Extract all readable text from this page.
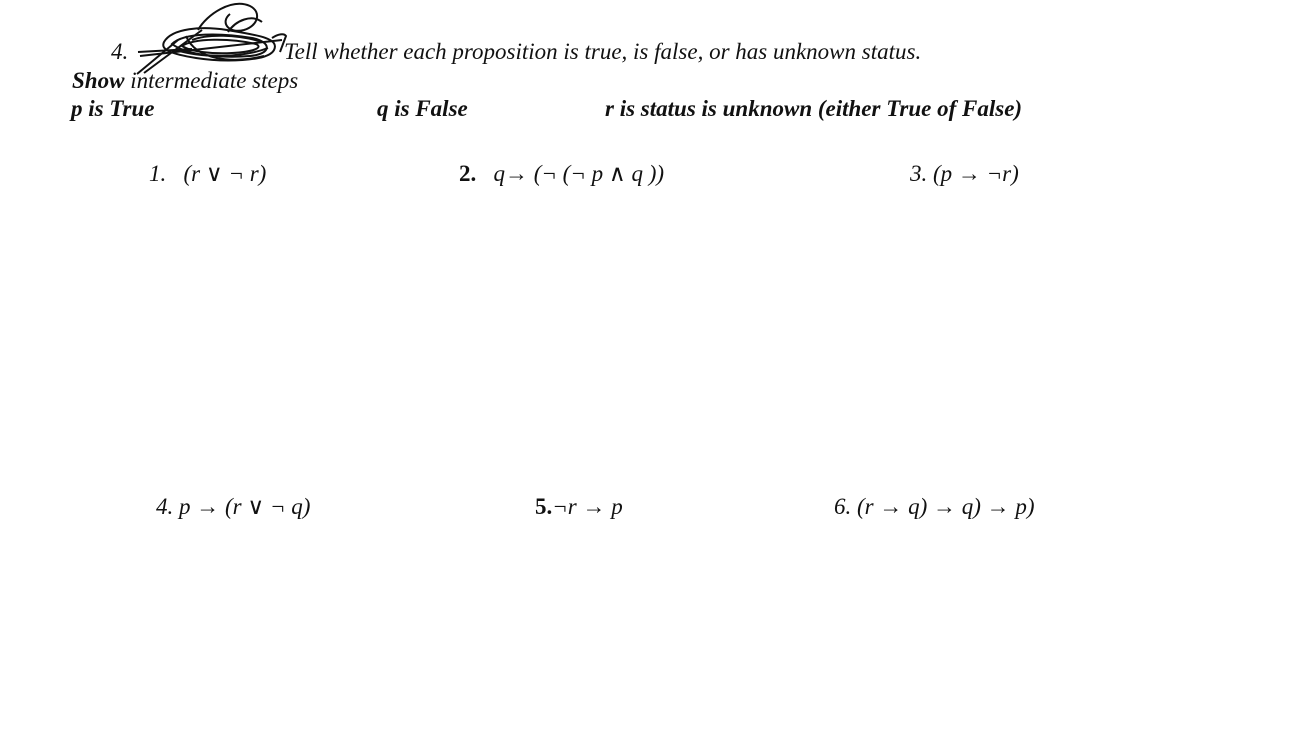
4.	Tell whether each proposition is true, is false, or has unknown status.
Show intermediate steps
p is True	q is False	r is status is unknown (either True of False)
1. (r ∨ ¬ r)	2. q→ (¬ (¬ p ∧ q ))	3. (p → ¬r)
4. p → (r ∨ ¬ q)	5.¬r → p	6. (r → q) → q) → p)
